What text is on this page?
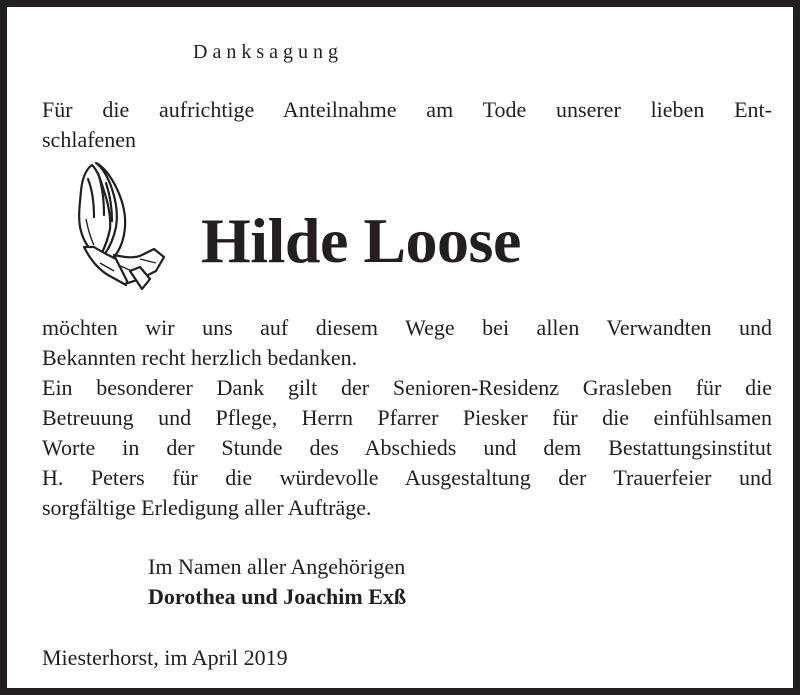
Danksagung
Für die aufrichtige Anteilnahme am Tode unserer lieben Ent-
schlafenen
Hilde Loose
möchten wir uns auf diesem Wege bei allen Verwandten und
Bekannten recht herzlich bedanken.
Ein besonderer Dank gilt der Senioren-Residenz Grasleben für die
Betreuung und Pflege, Herrn Pfarrer Piesker für die einfühlsamen
Worte in der Stunde des Abschieds und dem Bestattungsinstitut
H. Peters für die würdevolle Ausgestaltung der Trauerfeier und
sorgfältige Erledigung aller Aufträge.
Im Namen aller Angehörigen
Dorothea und Joachim Exß
Miesterhorst, im April 2019
